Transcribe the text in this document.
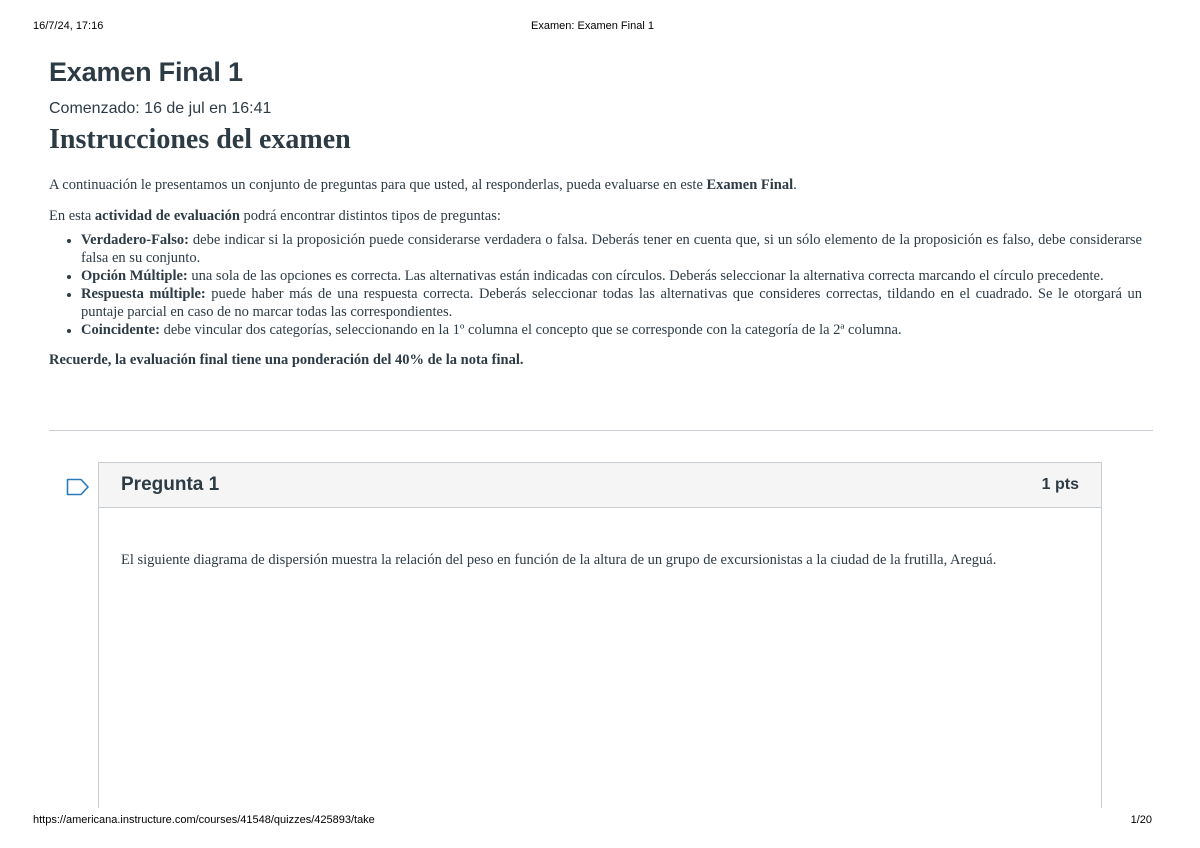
16/7/24, 17:16	Examen: Examen Final 1
Examen Final 1
Comenzado: 16 de jul en 16:41
Instrucciones del examen
A continuación le presentamos un conjunto de preguntas para que usted, al responderlas, pueda evaluarse en este Examen Final.
En esta actividad de evaluación podrá encontrar distintos tipos de preguntas:
• Verdadero-Falso: debe indicar si la proposición puede considerarse verdadera o falsa. Deberás tener en cuenta que, si un sólo elemento de la proposición es falso, debe considerarse falsa en su conjunto.
• Opción Múltiple: una sola de las opciones es correcta. Las alternativas están indicadas con círculos. Deberás seleccionar la alternativa correcta marcando el círculo precedente.
• Respuesta múltiple: puede haber más de una respuesta correcta. Deberás seleccionar todas las alternativas que consideres correctas, tildando en el cuadrado. Se le otorgará un puntaje parcial en caso de no marcar todas las correspondientes.
• Coincidente: debe vincular dos categorías, seleccionando en la 1º columna el concepto que se corresponde con la categoría de la 2ª columna.
Recuerde, la evaluación final tiene una ponderación del 40% de la nota final.
Pregunta 1	1 pts
El siguiente diagrama de dispersión muestra la relación del peso en función de la altura de un grupo de excursionistas a la ciudad de la frutilla, Areguá.
https://americana.instructure.com/courses/41548/quizzes/425893/take	1/20
